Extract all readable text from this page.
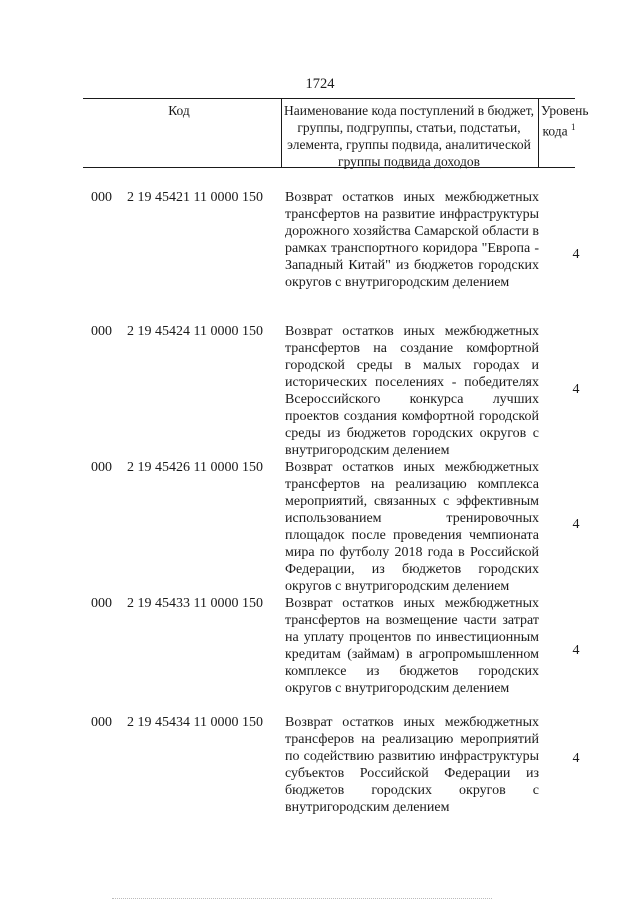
1724
Код	Наименование кода поступлений в бюджет, группы, подгруппы, статьи, подстатьи, элемента, группы подвида, аналитической группы подвида доходов
Уровень кода $^1$
000 2 19 45421 11 0000 150 Возврат остатков иных межбюджетных трансфертов на развитие инфраструктуры дорожного хозяйства Самарской области в рамках транспортного коридора "Европа - Западный Китай" из бюджетов городских округов с внутригородским делением
4
000 2 19 45424 11 0000 150 Возврат остатков иных межбюджетных трансфертов на создание комфортной городской среды в малых городах и исторических поселениях - победителях Всероссийского конкурса лучших проектов создания комфортной городской среды из бюджетов городских округов с внутригородским делением
4
000 2 19 45426 11 0000 150 Возврат остатков иных межбюджетных трансфертов на реализацию комплекса мероприятий, связанных с эффективным использованием тренировочных площадок после проведения чемпионата мира по футболу 2018 года в Российской Федерации, из бюджетов городских округов с внутригородским делением
4
000 2 19 45433 11 0000 150 Возврат остатков иных межбюджетных трансфертов на возмещение части затрат на уплату процентов по инвестиционным кредитам (займам) в агропромышленном комплексе из бюджетов городских округов с внутригородским делением
4
000 2 19 45434 11 0000 150 Возврат остатков иных межбюджетных трансферов на реализацию мероприятий по содействию развитию инфраструктуры субъектов Российской Федерации из бюджетов городских округов с внутригородским делением
4
